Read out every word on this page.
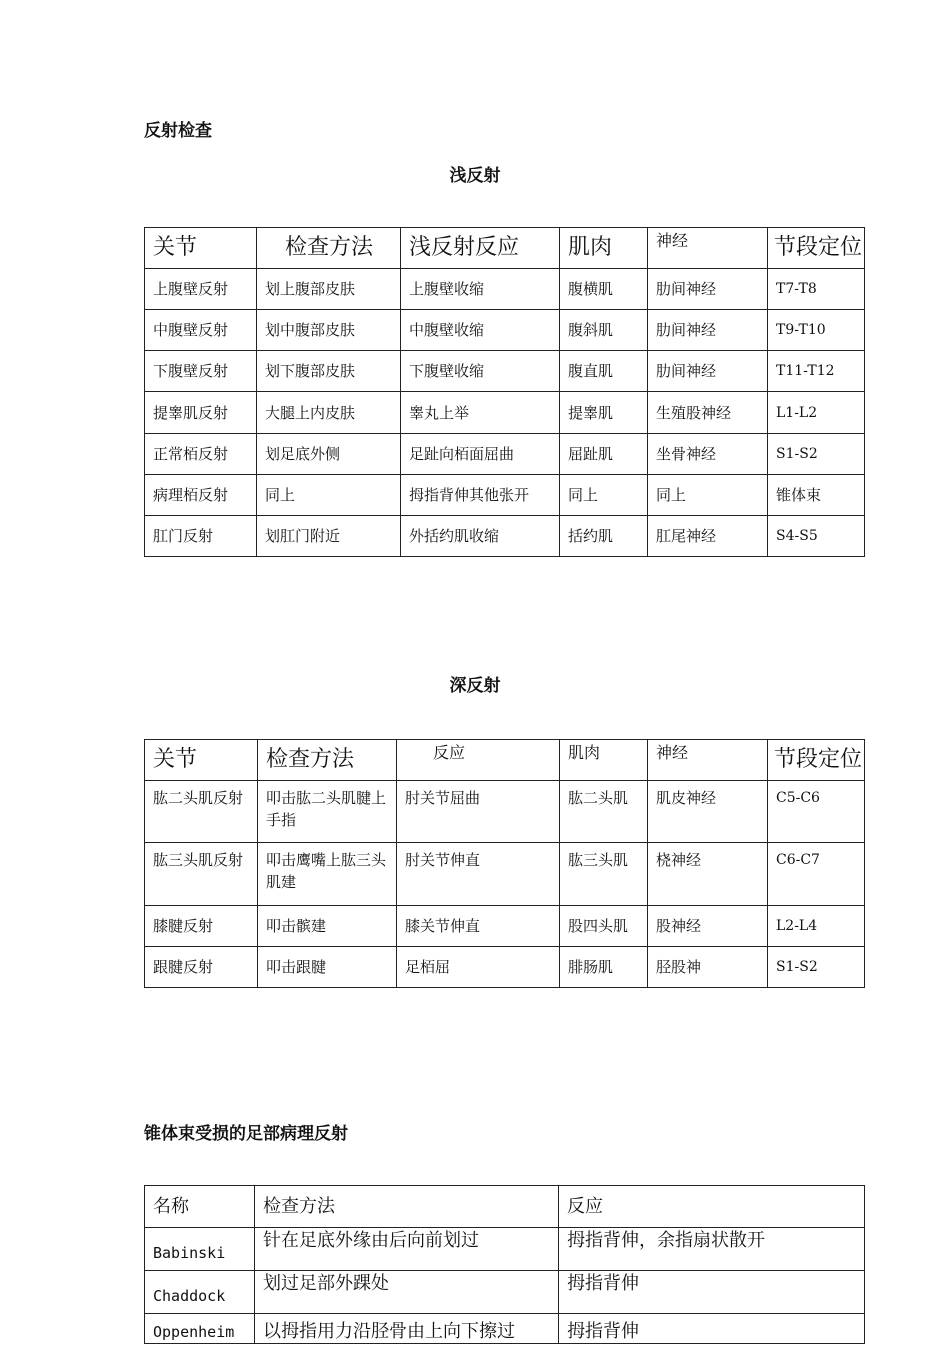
反射检查
浅反射
关节	检查方法	浅反射反应	肌肉	神经	节段定位
上腹壁反射	划上腹部皮肤	上腹壁收缩	腹横肌	肋间神经	T7-T8
中腹壁反射	划中腹部皮肤	中腹壁收缩	腹斜肌	肋间神经	T9-T10
下腹壁反射	划下腹部皮肤	下腹壁收缩	腹直肌	肋间神经	T11-T12
提睾肌反射	大腿上内皮肤	睾丸上举	提睾肌	生殖股神经	L1-L2
正常栢反射	划足底外侧	足趾向栢面屈曲	屈趾肌	坐骨神经	S1-S2
病理栢反射	同上	拇指背伸其他张开	同上	同上	锥体束
肛门反射	划肛门附近	外括约肌收缩	括约肌	肛尾神经	S4-S5
深反射
关节	检查方法	反应	肌肉	神经	节段定位
肱二头肌反射	叩击肱二头肌腱上手指	肘关节屈曲	肱二头肌	肌皮神经	C5-C6
肱三头肌反射	叩击鹰嘴上肱三头肌建	肘关节伸直	肱三头肌	桡神经	C6-C7
膝腱反射	叩击髌建	膝关节伸直	股四头肌	股神经	L2-L4
跟腱反射	叩击跟腱	足栢屈	腓肠肌	胫股神	S1-S2
锥体束受损的足部病理反射
名称	检查方法	反应
Babinski	针在足底外缘由后向前划过	拇指背伸，余指扇状散开
Chaddock	划过足部外踝处	拇指背伸
Oppenheim	以拇指用力沿胫骨由上向下擦过	拇指背伸
